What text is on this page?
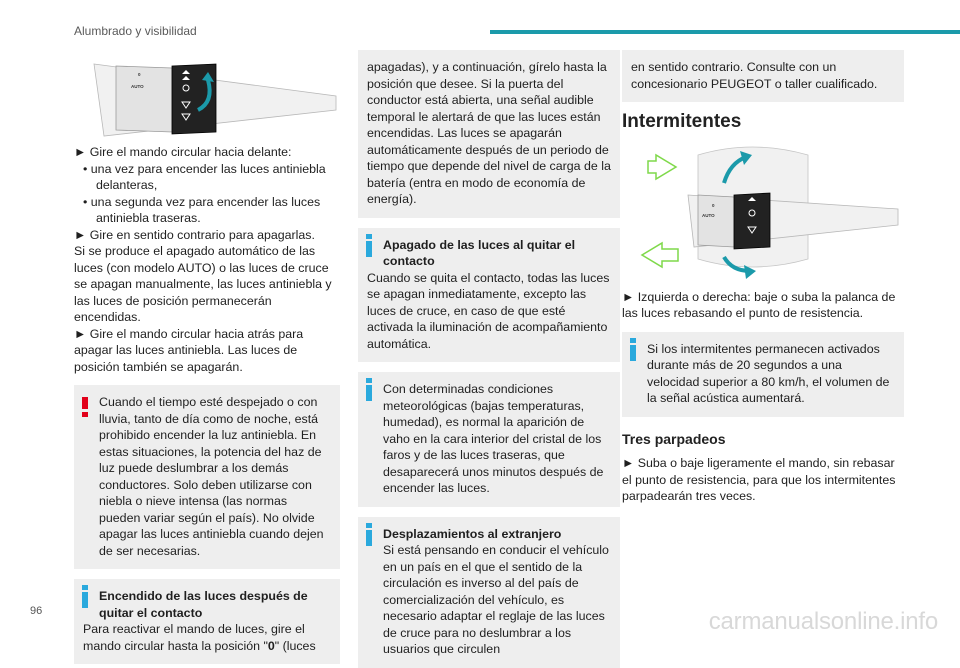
Alumbrado y visibilidad
0
AUTO

► Gire el mando circular hacia delante:

• una vez para encender las luces antiniebla delanteras,

• una segunda vez para encender las luces antiniebla traseras.

► Gire en sentido contrario para apagarlas.

Si se produce el apagado automático de las luces (con modelo AUTO) o las luces de cruce se apagan manualmente, las luces antiniebla y las luces de posición permanecerán encendidas.

► Gire el mando circular hacia atrás para apagar las luces antiniebla. Las luces de posición también se apagarán.

Cuando el tiempo esté despejado o con lluvia, tanto de día como de noche, está prohibido encender la luz antiniebla. En estas situaciones, la potencia del haz de luz puede deslumbrar a los demás conductores. Solo deben utilizarse con niebla o nieve intensa (las normas pueden variar según el país). No olvide apagar las luces antiniebla cuando dejen de ser necesarias.

Encendido de las luces después de quitar el contacto

Para reactivar el mando de luces, gire el mando circular hasta la posición "0" (luces

apagadas), y a continuación, gírelo hasta la posición que desee. Si la puerta del conductor está abierta, una señal audible temporal le alertará de que las luces están encendidas. Las luces se apagarán automáticamente después de un periodo de tiempo que depende del nivel de carga de la batería (entra en modo de economía de energía).

Apagado de las luces al quitar el contacto

Cuando se quita el contacto, todas las luces se apagan inmediatamente, excepto las luces de cruce, en caso de que esté activada la iluminación de acompañamiento automática.

Con determinadas condiciones meteorológicas (bajas temperaturas, humedad), es normal la aparición de vaho en la cara interior del cristal de los faros y de las luces traseras, que desaparecerá unos minutos después de encender las luces.

Desplazamientos al extranjero

Si está pensando en conducir el vehículo en un país en el que el sentido de la circulación es inverso al del país de comercialización del vehículo, es necesario adaptar el reglaje de las luces de cruce para no deslumbrar a los usuarios que circulen

en sentido contrario. Consulte con un concesionario PEUGEOT o taller cualificado.

Intermitentes
0
AUTO

► Izquierda o derecha: baje o suba la palanca de las luces rebasando el punto de resistencia.

Si los intermitentes permanecen activados durante más de 20 segundos a una velocidad superior a 80 km/h, el volumen de la señal acústica aumentará.

Tres parpadeos

► Suba o baje ligeramente el mando, sin rebasar el punto de resistencia, para que los intermitentes parpadearán tres veces.

96	carmanualsonline.info
